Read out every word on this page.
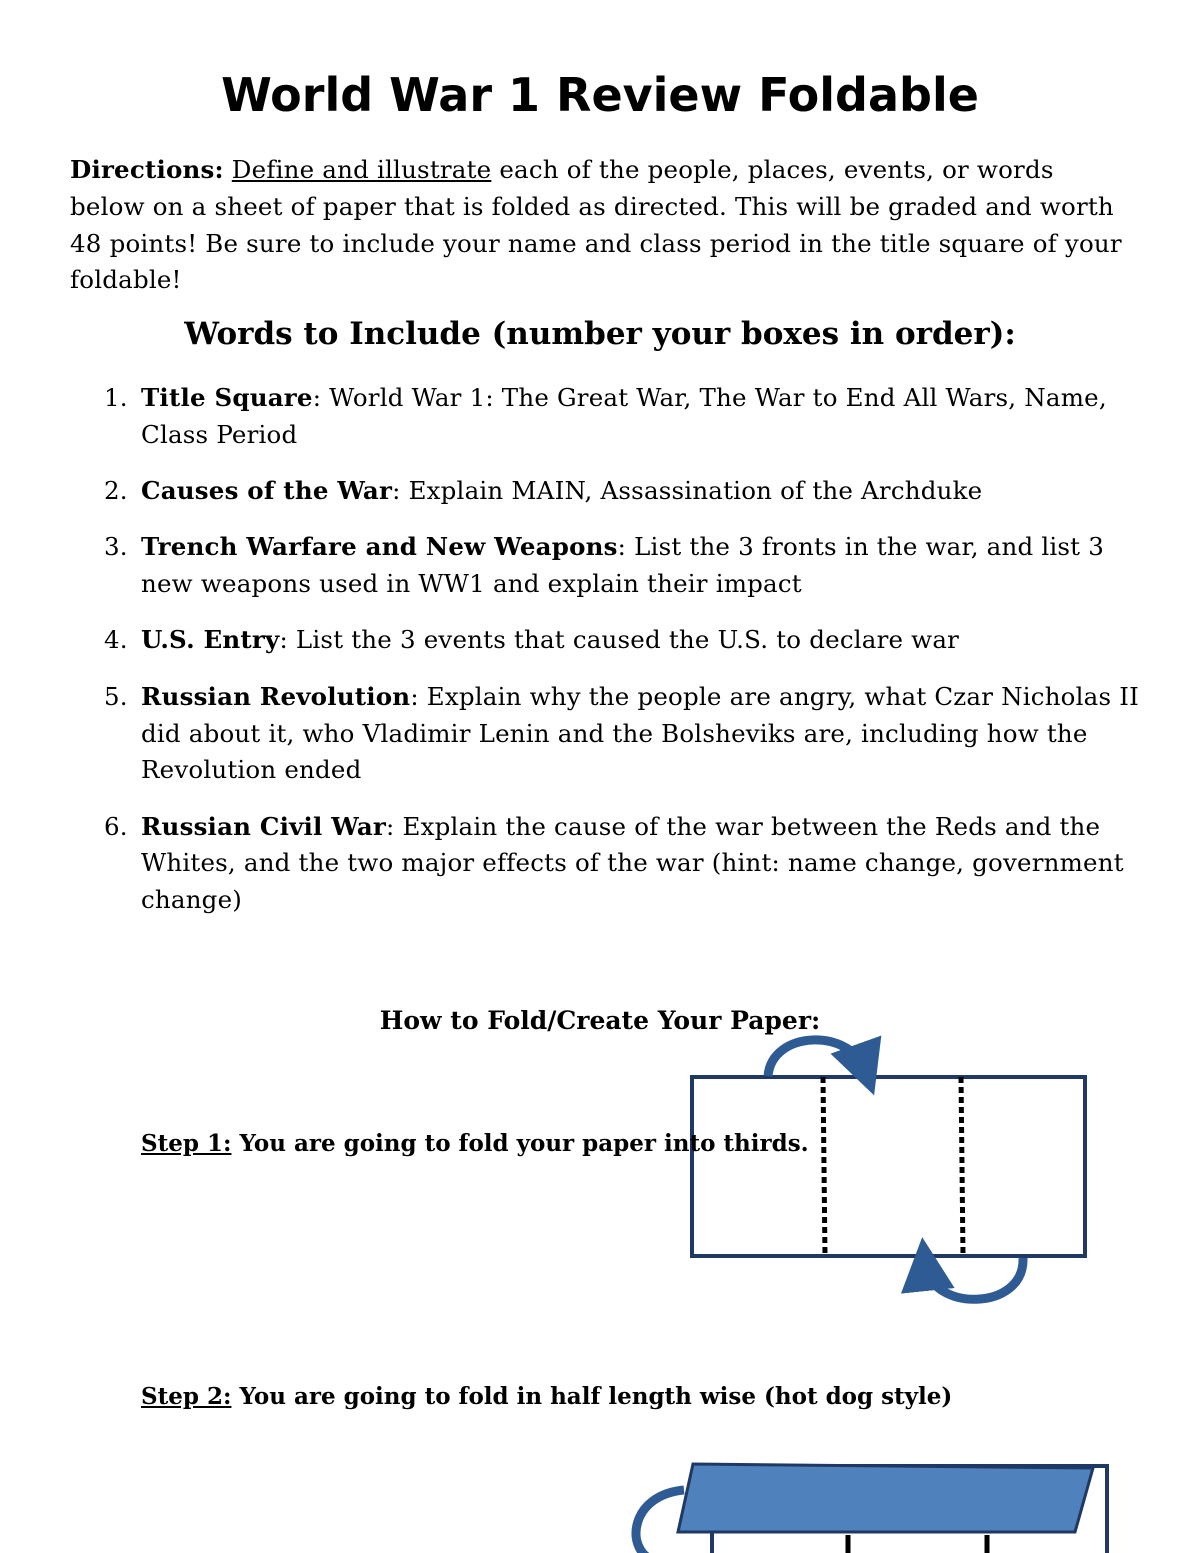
World War 1 Review Foldable

Directions: Define and illustrate each of the people, places, events, or words below on a sheet of paper that is folded as directed. This will be graded and worth 48 points! Be sure to include your name and class period in the title square of your foldable!

Words to Include (number your boxes in order):
1. Title Square: World War 1: The Great War, The War to End All Wars, Name, Class Period
2. Causes of the War: Explain MAIN, Assassination of the Archduke
3. Trench Warfare and New Weapons: List the 3 fronts in the war, and list 3 new weapons used in WW1 and explain their impact
4. U.S. Entry: List the 3 events that caused the U.S. to declare war
5. Russian Revolution: Explain why the people are angry, what Czar Nicholas II did about it, who Vladimir Lenin and the Bolsheviks are, including how the Revolution ended
6. Russian Civil War: Explain the cause of the war between the Reds and the Whites, and the two major effects of the war (hint: name change, government change)
How to Fold/Create Your Paper:

Step 1: You are going to fold your paper into thirds.

Step 2: You are going to fold in half length wise (hot dog style)
